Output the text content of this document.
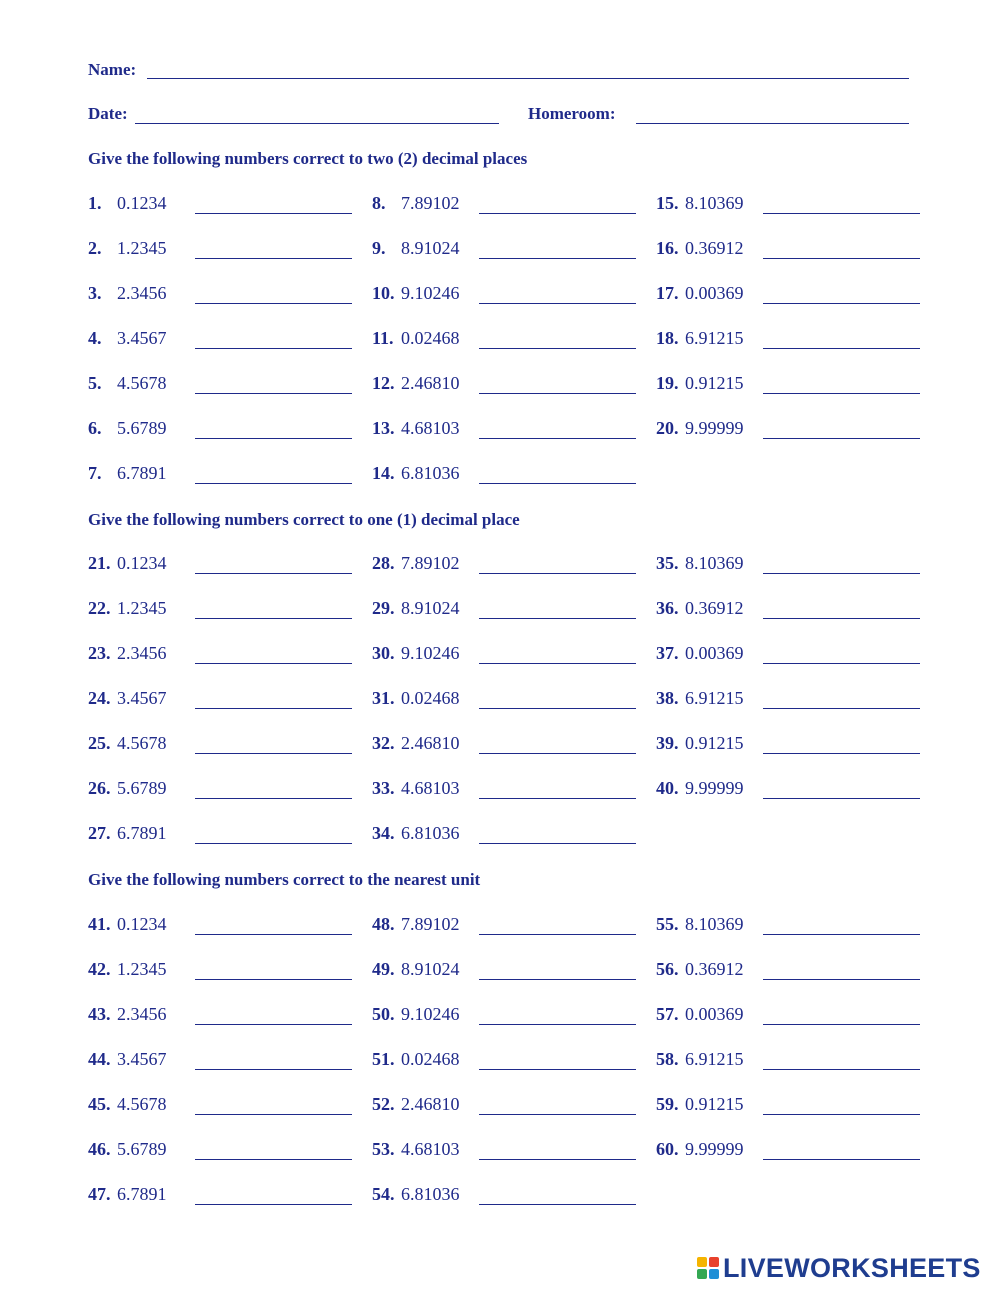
Name:
Date:	Homeroom:
Give the following numbers correct to two (2) decimal places
1. 0.1234
2. 1.2345
3. 2.3456
4. 3.4567
5. 4.5678
6. 5.6789
7. 6.7891
8. 7.89102
9. 8.91024
10. 9.10246
11. 0.02468
12. 2.46810
13. 4.68103
14. 6.81036
15. 8.10369
16. 0.36912
17. 0.00369
18. 6.91215
19. 0.91215
20. 9.99999
Give the following numbers correct to one (1) decimal place
21. 0.1234
22. 1.2345
23. 2.3456
24. 3.4567
25. 4.5678
26. 5.6789
27. 6.7891
28. 7.89102
29. 8.91024
30. 9.10246
31. 0.02468
32. 2.46810
33. 4.68103
34. 6.81036
35. 8.10369
36. 0.36912
37. 0.00369
38. 6.91215
39. 0.91215
40. 9.99999
Give the following numbers correct to the nearest unit
41. 0.1234
42. 1.2345
43. 2.3456
44. 3.4567
45. 4.5678
46. 5.6789
47. 6.7891
48. 7.89102
49. 8.91024
50. 9.10246
51. 0.02468
52. 2.46810
53. 4.68103
54. 6.81036
55. 8.10369
56. 0.36912
57. 0.00369
58. 6.91215
59. 0.91215
60. 9.99999
LIVEWORKSHEETS
